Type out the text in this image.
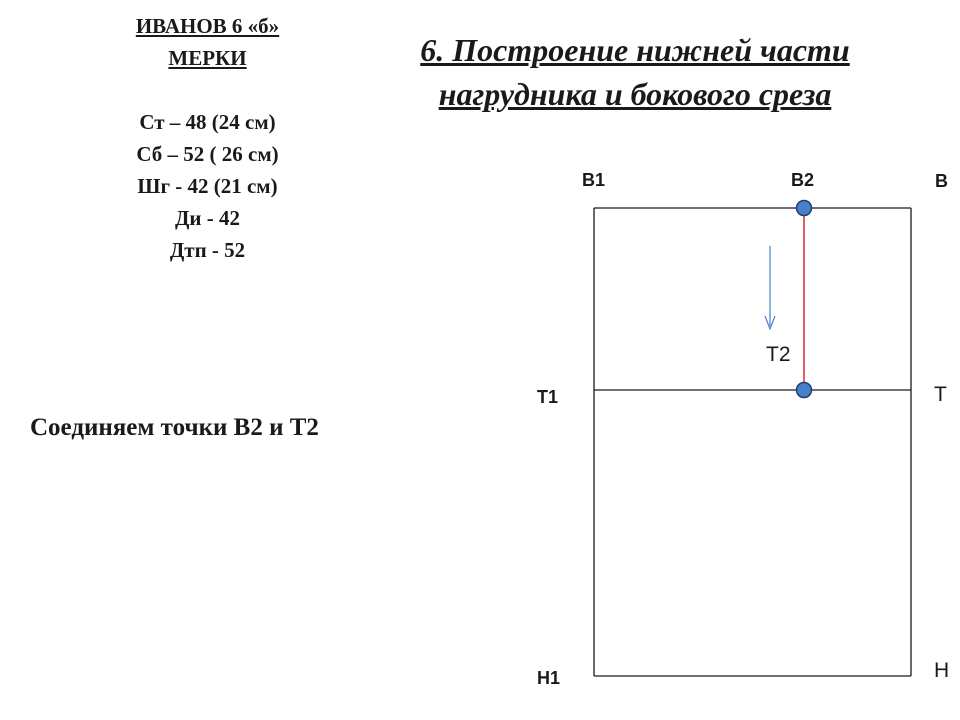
ИВАНОВ 6 «б»
МЕРКИ
Ст – 48 (24 см)
Сб – 52 ( 26 см)
Шг - 42 (21 см)
Ди - 42
Дтп - 52
6. Построение нижней части
нагрудника и бокового среза
Соединяем точки В2 и Т2
В1	В2	В
Т2
Т1	Т
Н1	Н
